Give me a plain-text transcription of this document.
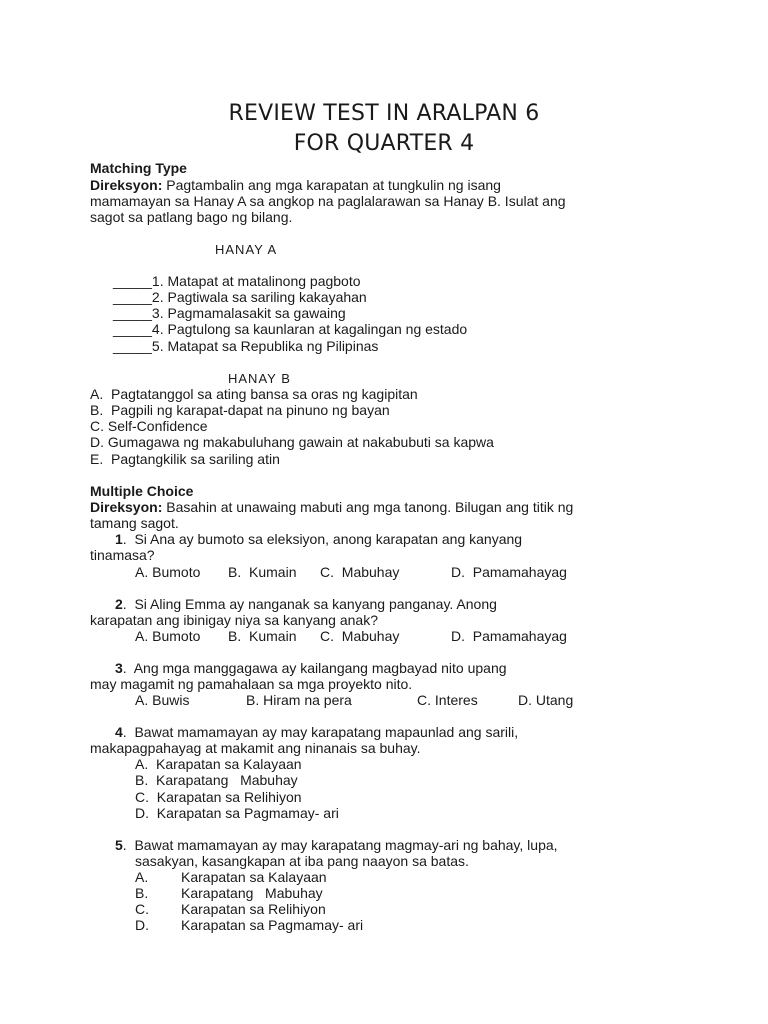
REVIEW TEST IN ARALPAN 6
FOR QUARTER 4
Matching Type
Direksyon: Pagtambalin ang mga karapatan at tungkulin ng isang
mamamayan sa Hanay A sa angkop na paglalarawan sa Hanay B. Isulat ang
sagot sa patlang bago ng bilang.
HANAY A
_____1. Matapat at matalinong pagboto
_____2. Pagtiwala sa sariling kakayahan
_____3. Pagmamalasakit sa gawaing
_____4. Pagtulong sa kaunlaran at kagalingan ng estado
_____5. Matapat sa Republika ng Pilipinas
HANAY B
A.  Pagtatanggol sa ating bansa sa oras ng kagipitan
B.  Pagpili ng karapat-dapat na pinuno ng bayan
C. Self-Confidence
D. Gumagawa ng makabuluhang gawain at nakabubuti sa kapwa
E.  Pagtangkilik sa sariling atin
Multiple Choice
Direksyon: Basahin at unawaing mabuti ang mga tanong. Bilugan ang titik ng
tamang sagot.
1.  Si Ana ay bumoto sa eleksiyon, anong karapatan ang kanyang
tinamasa?
A. Bumoto B.  Kumain C.  Mabuhay	D.  Pamamahayag
2.  Si Aling Emma ay nanganak sa kanyang panganay. Anong
karapatan ang ibinigay niya sa kanyang anak?
A. Bumoto B.  Kumain C.  Mabuhay	D.  Pamamahayag
3.  Ang mga manggagawa ay kailangang magbayad nito upang
may magamit ng pamahalaan sa mga proyekto nito.
A. Buwis	B. Hiram na pera	C. Interes	D. Utang
4.  Bawat mamamayan ay may karapatang mapaunlad ang sarili,
makapagpahayag at makamit ang ninanais sa buhay.
A.  Karapatan sa Kalayaan
B.  Karapatang   Mabuhay
C.  Karapatan sa Relihiyon
D.  Karapatan sa Pagmamay- ari
5.  Bawat mamamayan ay may karapatang magmay-ari ng bahay, lupa,
sasakyan, kasangkapan at iba pang naayon sa batas.
A. Karapatan sa Kalayaan
B. Karapatang   Mabuhay
C. Karapatan sa Relihiyon
D. Karapatan sa Pagmamay- ari
